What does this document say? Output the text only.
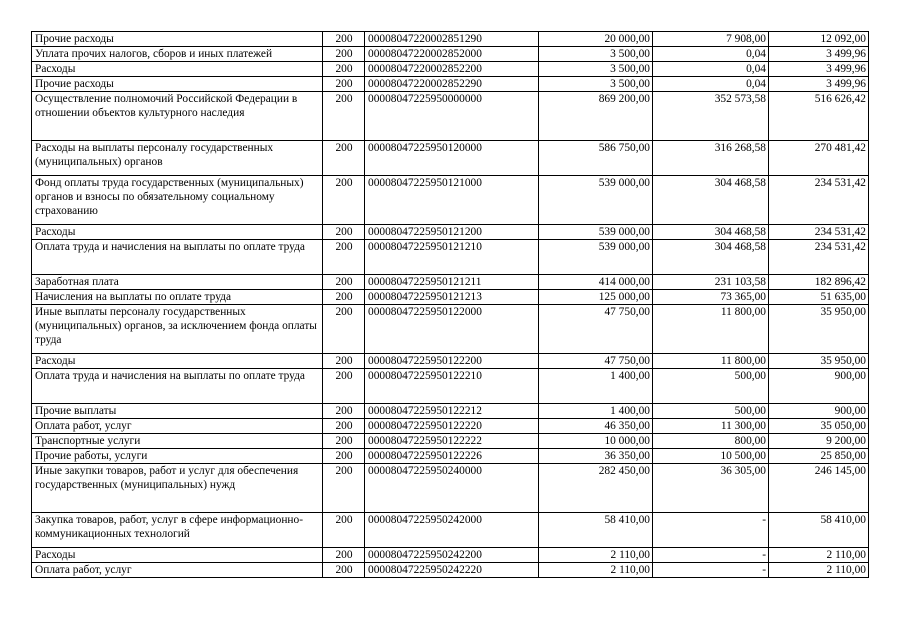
Прочие расходы	200	00008047220002851290	20 000,00	7 908,00	12 092,00
Уплата прочих налогов, сборов и иных платежей	200	00008047220002852000	3 500,00	0,04	3 499,96
Расходы	200	00008047220002852200	3 500,00	0,04	3 499,96
Прочие расходы	200	00008047220002852290	3 500,00	0,04	3 499,96
Осуществление полномочий Российской Федерации в отношении объектов культурного наследия	200	00008047225950000000	869 200,00	352 573,58	516 626,42
Расходы на выплаты персоналу государственных (муниципальных) органов	200	00008047225950120000	586 750,00	316 268,58	270 481,42
Фонд оплаты труда государственных (муниципальных) органов и взносы по обязательному социальному страхованию	200	00008047225950121000	539 000,00	304 468,58	234 531,42
Расходы	200	00008047225950121200	539 000,00	304 468,58	234 531,42
Оплата труда и начисления на выплаты по оплате труда	200	00008047225950121210	539 000,00	304 468,58	234 531,42
Заработная плата	200	00008047225950121211	414 000,00	231 103,58	182 896,42
Начисления на выплаты по оплате труда	200	00008047225950121213	125 000,00	73 365,00	51 635,00
Иные выплаты персоналу государственных (муниципальных) органов, за исключением фонда оплаты труда	200	00008047225950122000	47 750,00	11 800,00	35 950,00
Расходы	200	00008047225950122200	47 750,00	11 800,00	35 950,00
Оплата труда и начисления на выплаты по оплате труда	200	00008047225950122210	1 400,00	500,00	900,00
Прочие выплаты	200	00008047225950122212	1 400,00	500,00	900,00
Оплата работ, услуг	200	00008047225950122220	46 350,00	11 300,00	35 050,00
Транспортные услуги	200	00008047225950122222	10 000,00	800,00	9 200,00
Прочие работы, услуги	200	00008047225950122226	36 350,00	10 500,00	25 850,00
Иные закупки товаров, работ и услуг для обеспечения государственных (муниципальных) нужд	200	00008047225950240000	282 450,00	36 305,00	246 145,00
Закупка товаров, работ, услуг в сфере информационно-коммуникационных технологий	200	00008047225950242000	58 410,00	-	58 410,00
Расходы	200	00008047225950242200	2 110,00	-	2 110,00
Оплата работ, услуг	200	00008047225950242220	2 110,00	-	2 110,00
